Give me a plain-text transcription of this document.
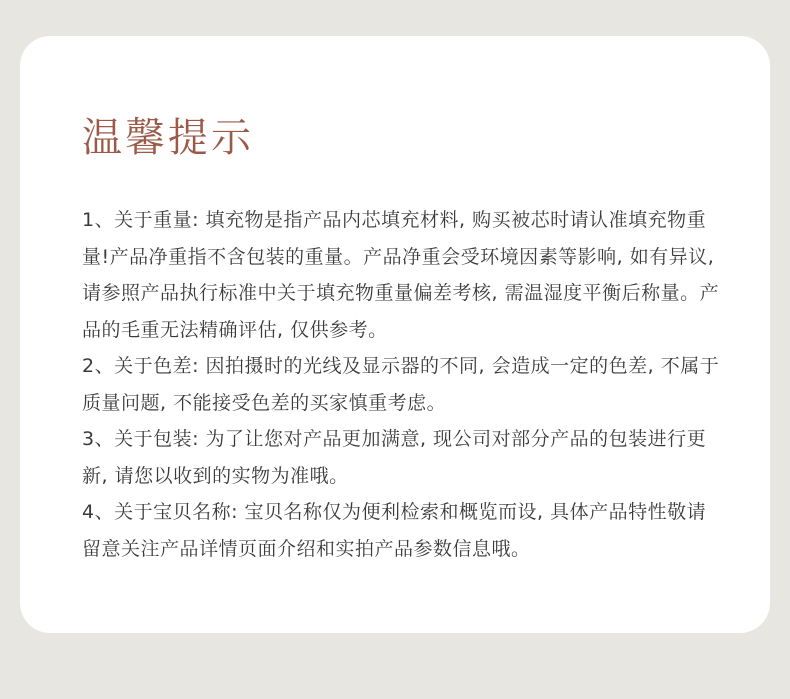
温馨提示

1、关于重量: 填充物是指产品内芯填充材料, 购买被芯时请认准填充物重量!产品净重指不含包装的重量。产品净重会受环境因素等影响, 如有异议, 请参照产品执行标准中关于填充物重量偏差考核, 需温湿度平衡后称量。产品的毛重无法精确评估, 仅供参考。

2、关于色差: 因拍摄时的光线及显示器的不同, 会造成一定的色差, 不属于质量问题, 不能接受色差的买家慎重考虑。

3、关于包装: 为了让您对产品更加满意, 现公司对部分产品的包装进行更新, 请您以收到的实物为准哦。

4、关于宝贝名称: 宝贝名称仅为便利检索和概览而设, 具体产品特性敬请留意关注产品详情页面介绍和实拍产品参数信息哦。
